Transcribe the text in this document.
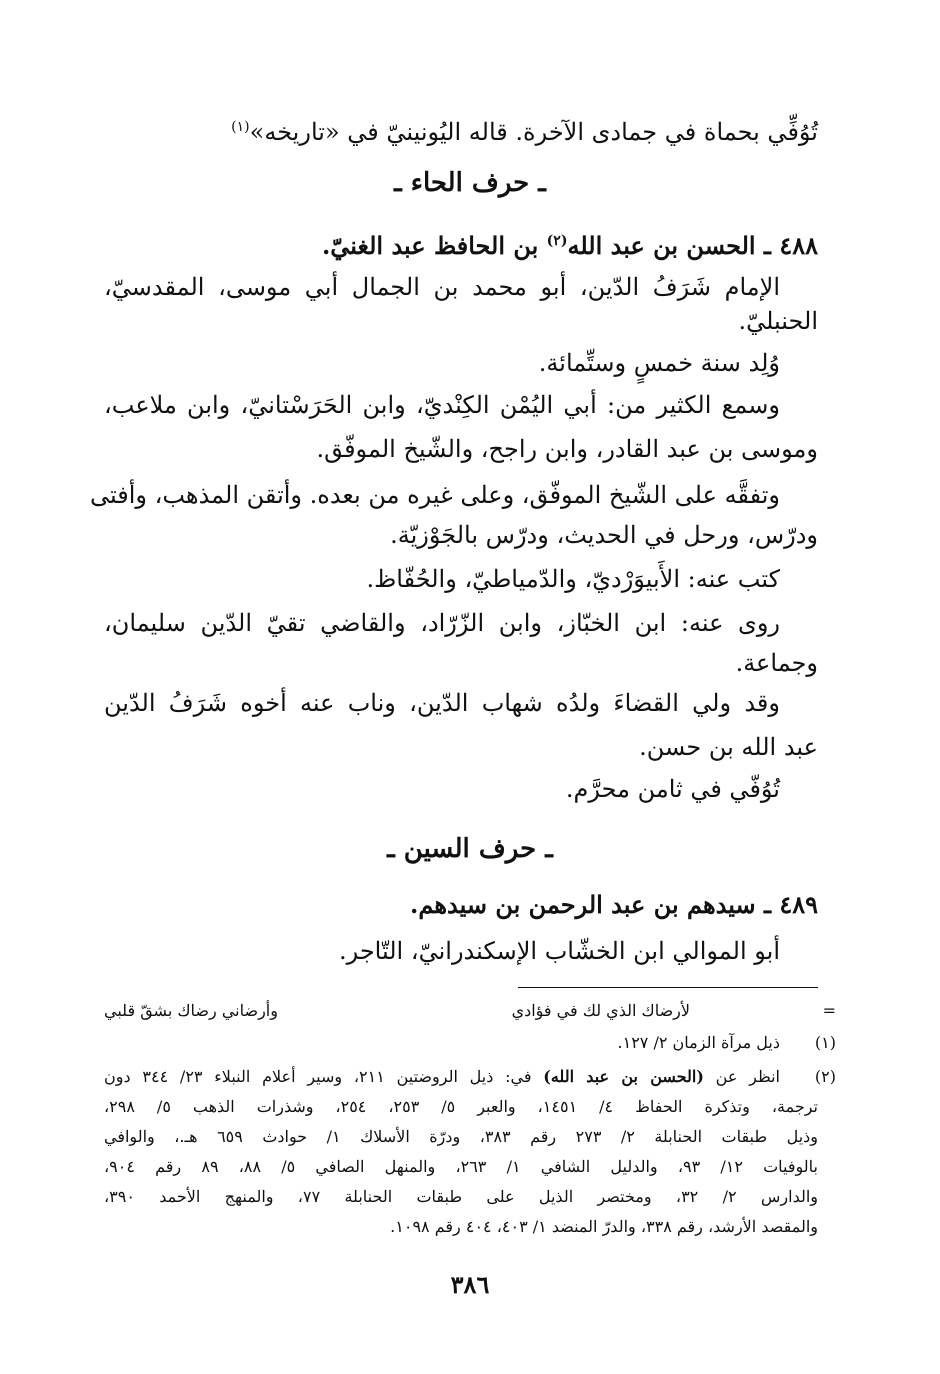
تُوُفِّي بحماة في جمادى الآخرة. قاله اليُونينيّ في «تاريخه»$^{(١)}$
ـ حرف الحاء ـ
٤٨٨ ـ الحسن بن عبد الله$^{(٢)}$ بن الحافظ عبد الغنيّ.
الإمام شَرَفُ الدّين، أبو محمد بن الجمال أبي موسى، المقدسيّ،
الحنبليّ.
وُلِد سنة خمسٍ وستِّمائة.
وسمع الكثير من: أبي اليُمْن الكِنْديّ، وابن الحَرَسْتانيّ، وابن ملاعب،
وموسى بن عبد القادر، وابن راجح، والشّيخ الموفّق.
وتفقَّه على الشّيخ الموفّق، وعلى غيره من بعده. وأتقن المذهب، وأفتى
ودرّس، ورحل في الحديث، ودرّس بالجَوْزيّة.
كتب عنه: الأَبيوَرْديّ، والدّمياطيّ، والحُفّاظ.
روى عنه: ابن الخبّاز، وابن الزّرّاد، والقاضي تقيّ الدّين سليمان،
وجماعة.
وقد ولي القضاءَ ولدُه شهاب الدّين، وناب عنه أخوه شَرَفُ الدّين
عبد الله بن حسن.
تُوُفّي في ثامن محرَّم.
ـ حرف السين ـ
٤٨٩ ـ سيدهم بن عبد الرحمن بن سيدهم.
أبو الموالي ابن الخشّاب الإسكندرانيّ، التّاجر.
=
لأرضاك الذي لك في فؤادي
وأرضاني رضاك بشقّ قلبي
(١)
ذيل مرآة الزمان ٢/ ١٢٧.
(٢)
انظر عن (الحسن بن عبد الله) في: ذيل الروضتين ٢١١، وسير أعلام النبلاء ٢٣/ ٣٤٤ دون
ترجمة، وتذكرة الحفاظ ٤/ ١٤٥١، والعبر ٥/ ٢٥٣، ٢٥٤، وشذرات الذهب ٥/ ٢٩٨،
وذيل طبقات الحنابلة ٢/ ٢٧٣ رقم ٣٨٣، ودرّة الأسلاك ١/ حوادث ٦٥٩ هـ.، والوافي
بالوفيات ١٢/ ٩٣، والدليل الشافي ١/ ٢٦٣، والمنهل الصافي ٥/ ٨٨، ٨٩ رقم ٩٠٤،
والدارس ٢/ ٣٢، ومختصر الذيل على طبقات الحنابلة ٧٧، والمنهج الأحمد ٣٩٠،
والمقصد الأرشد، رقم ٣٣٨، والدرّ المنضد ١/ ٤٠٣، ٤٠٤ رقم ١٠٩٨.
٣٨٦
